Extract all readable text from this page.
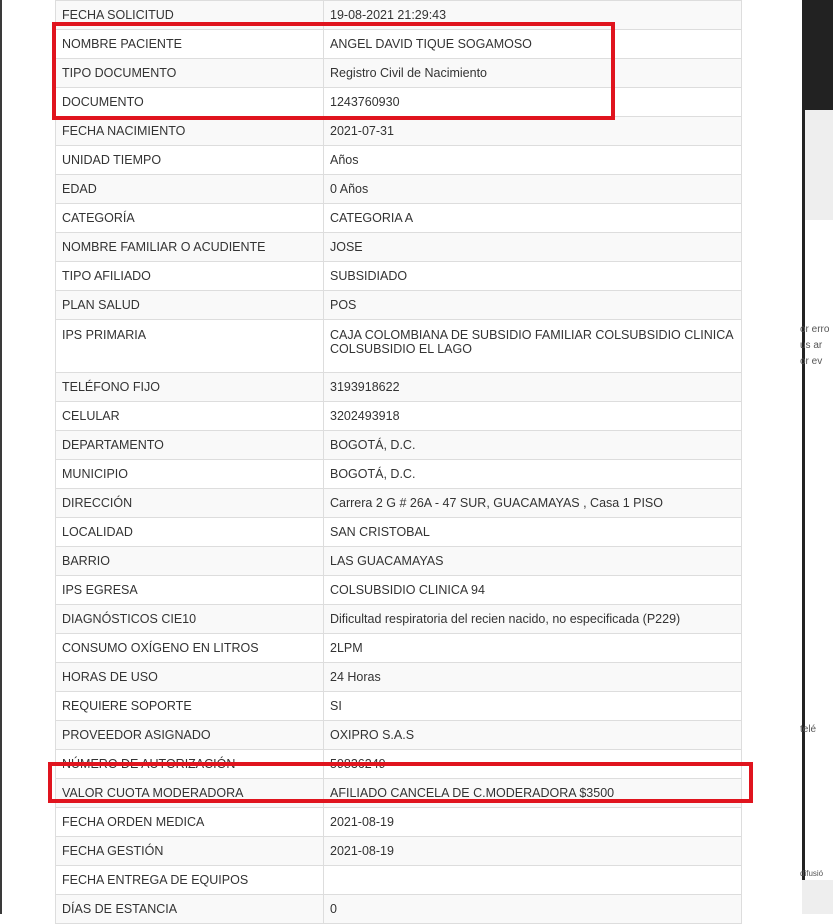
or erro
us ar
or ev
telé
difusió
FECHA SOLICITUD	19-08-2021 21:29:43
NOMBRE PACIENTE	ANGEL DAVID TIQUE SOGAMOSO
TIPO DOCUMENTO	Registro Civil de Nacimiento
DOCUMENTO	1243760930
FECHA NACIMIENTO	2021-07-31
UNIDAD TIEMPO	Años
EDAD	0 Años
CATEGORÍA	CATEGORIA A
NOMBRE FAMILIAR O ACUDIENTE	JOSE
TIPO AFILIADO	SUBSIDIADO
PLAN SALUD	POS
IPS PRIMARIA	CAJA COLOMBIANA DE SUBSIDIO FAMILIAR COLSUBSIDIO CLINICA COLSUBSIDIO EL LAGO
TELÉFONO FIJO	3193918622
CELULAR	3202493918
DEPARTAMENTO	BOGOTÁ, D.C.
MUNICIPIO	BOGOTÁ, D.C.
DIRECCIÓN	Carrera 2 G # 26A - 47 SUR, GUACAMAYAS , Casa 1 PISO
LOCALIDAD	SAN CRISTOBAL
BARRIO	LAS GUACAMAYAS
IPS EGRESA	COLSUBSIDIO CLINICA 94
DIAGNÓSTICOS CIE10	Dificultad respiratoria del recien nacido, no especificada (P229)
CONSUMO OXÍGENO EN LITROS	2LPM
HORAS DE USO	24 Horas
REQUIERE SOPORTE	SI
PROVEEDOR ASIGNADO	OXIPRO S.A.S
NÚMERO DE AUTORIZACIÓN	59836249
VALOR CUOTA MODERADORA	AFILIADO CANCELA DE C.MODERADORA $3500
FECHA ORDEN MEDICA	2021-08-19
FECHA GESTIÓN	2021-08-19
FECHA ENTREGA DE EQUIPOS	
DÍAS DE ESTANCIA	0
